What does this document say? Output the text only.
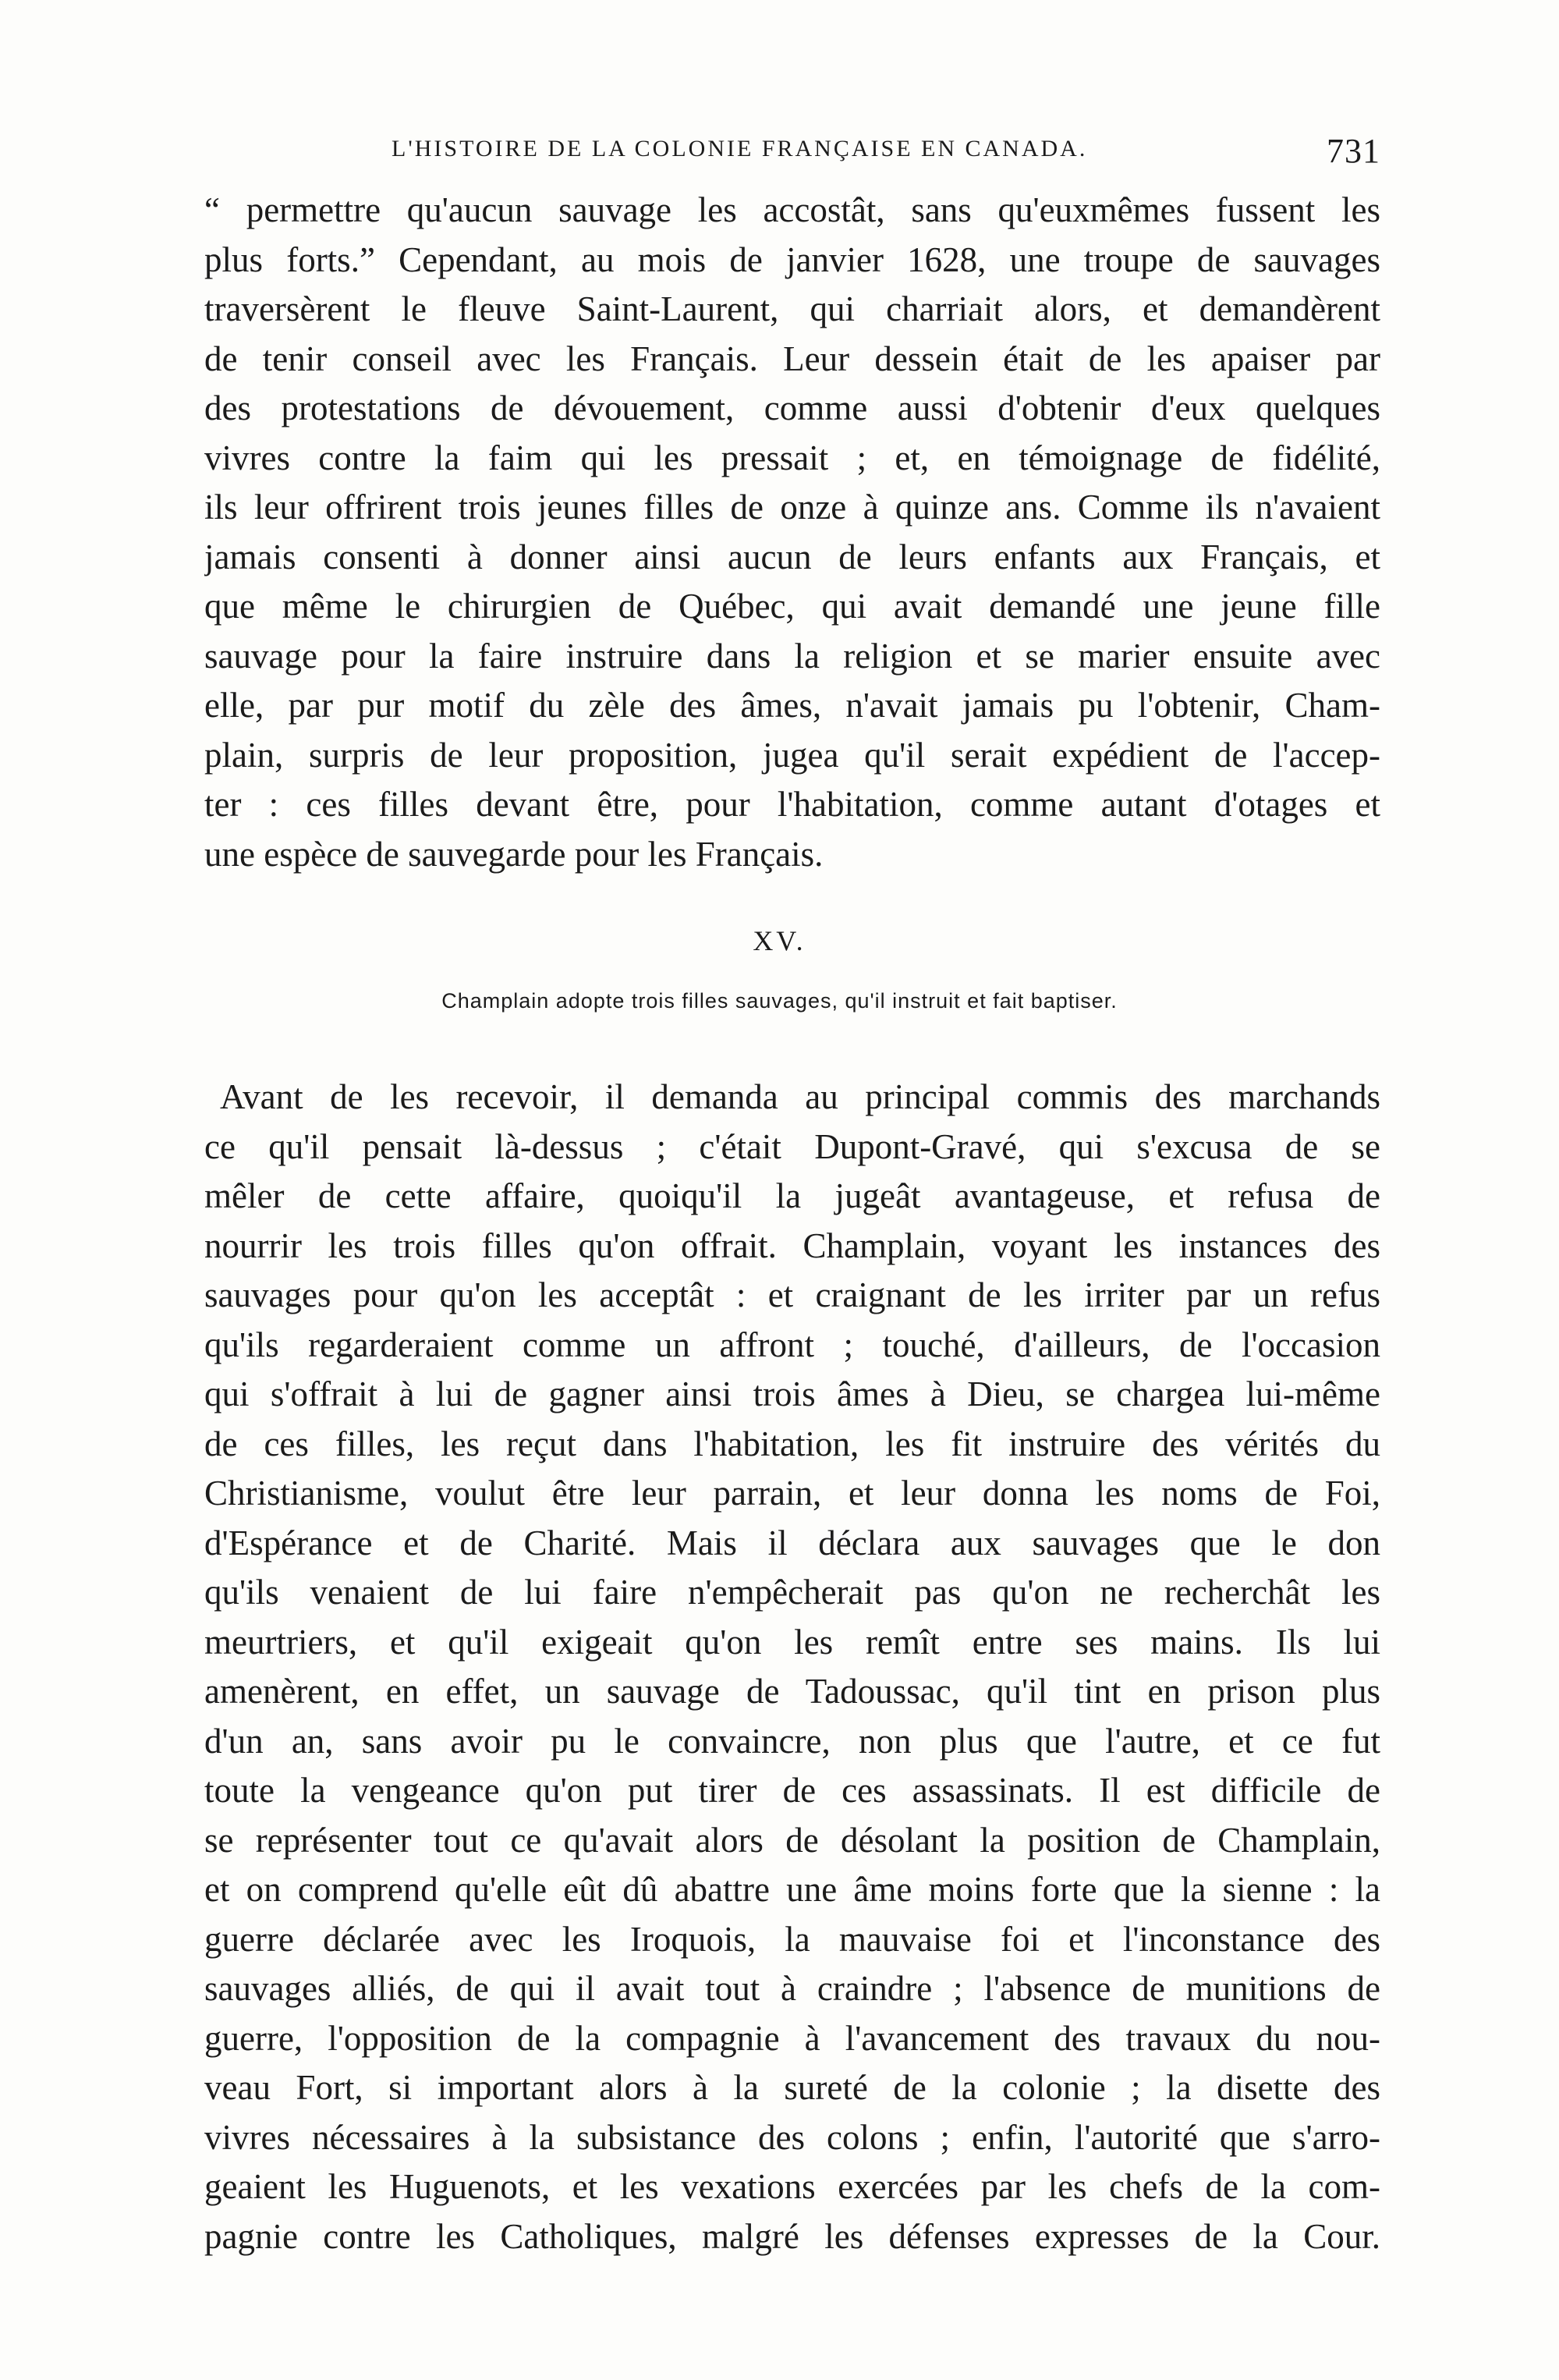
L'HISTOIRE DE LA COLONIE FRANÇAISE EN CANADA.	731
“ permettre qu'aucun sauvage les accostât, sans qu'euxmêmes fussent les
plus forts.” Cependant, au mois de janvier 1628, une troupe de sauvages
traversèrent le fleuve Saint-Laurent, qui charriait alors, et demandèrent
de tenir conseil avec les Français. Leur dessein était de les apaiser par
des protestations de dévouement, comme aussi d'obtenir d'eux quelques
vivres contre la faim qui les pressait ; et, en témoignage de fidélité,
ils leur offrirent trois jeunes filles de onze à quinze ans. Comme ils n'avaient
jamais consenti à donner ainsi aucun de leurs enfants aux Français, et
que même le chirurgien de Québec, qui avait demandé une jeune fille
sauvage pour la faire instruire dans la religion et se marier ensuite avec
elle, par pur motif du zèle des âmes, n'avait jamais pu l'obtenir, Cham-
plain, surpris de leur proposition, jugea qu'il serait expédient de l'accep-
ter : ces filles devant être, pour l'habitation, comme autant d'otages et
une espèce de sauvegarde pour les Français.
XV.
Champlain adopte trois filles sauvages, qu'il instruit et fait baptiser.
Avant de les recevoir, il demanda au principal commis des marchands
ce qu'il pensait là-dessus ; c'était Dupont-Gravé, qui s'excusa de se
mêler de cette affaire, quoiqu'il la jugeât avantageuse, et refusa de
nourrir les trois filles qu'on offrait. Champlain, voyant les instances des
sauvages pour qu'on les acceptât : et craignant de les irriter par un refus
qu'ils regarderaient comme un affront ; touché, d'ailleurs, de l'occasion
qui s'offrait à lui de gagner ainsi trois âmes à Dieu, se chargea lui-même
de ces filles, les reçut dans l'habitation, les fit instruire des vérités du
Christianisme, voulut être leur parrain, et leur donna les noms de Foi,
d'Espérance et de Charité. Mais il déclara aux sauvages que le don
qu'ils venaient de lui faire n'empêcherait pas qu'on ne recherchât les
meurtriers, et qu'il exigeait qu'on les remît entre ses mains. Ils lui
amenèrent, en effet, un sauvage de Tadoussac, qu'il tint en prison plus
d'un an, sans avoir pu le convaincre, non plus que l'autre, et ce fut
toute la vengeance qu'on put tirer de ces assassinats. Il est difficile de
se représenter tout ce qu'avait alors de désolant la position de Champlain,
et on comprend qu'elle eût dû abattre une âme moins forte que la sienne : la
guerre déclarée avec les Iroquois, la mauvaise foi et l'inconstance des
sauvages alliés, de qui il avait tout à craindre ; l'absence de munitions de
guerre, l'opposition de la compagnie à l'avancement des travaux du nou-
veau Fort, si important alors à la sureté de la colonie ; la disette des
vivres nécessaires à la subsistance des colons ; enfin, l'autorité que s'arro-
geaient les Huguenots, et les vexations exercées par les chefs de la com-
pagnie contre les Catholiques, malgré les défenses expresses de la Cour.
